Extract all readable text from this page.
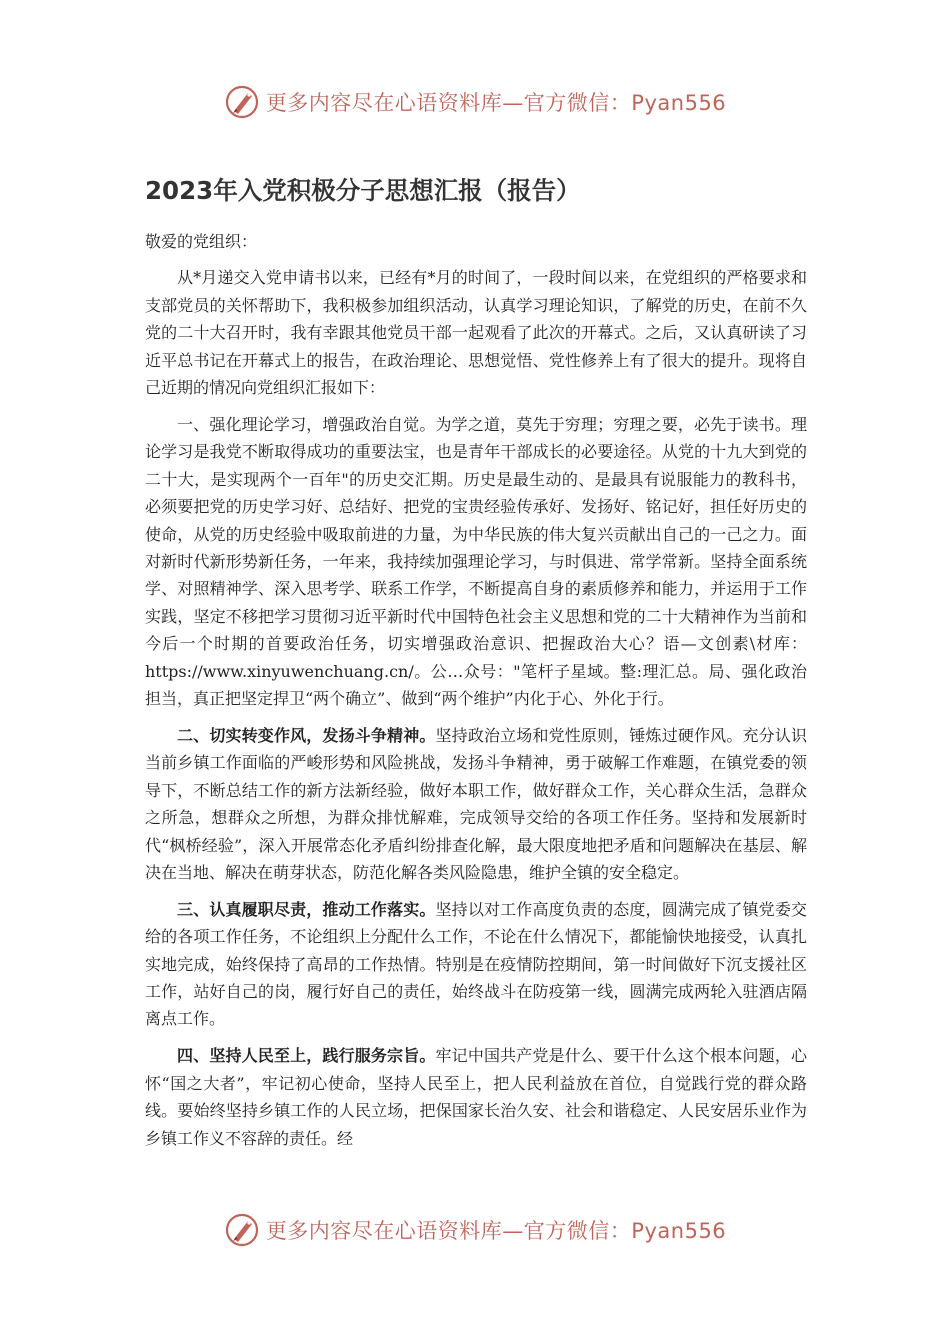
更多内容尽在心语资料库—官方微信：Pyan556
2023年入党积极分子思想汇报（报告）

敬爱的党组织：

从*月递交入党申请书以来，已经有*月的时间了，一段时间以来，在党组织的严格要求和支部党员的关怀帮助下，我积极参加组织活动，认真学习理论知识，了解党的历史，在前不久党的二十大召开时，我有幸跟其他党员干部一起观看了此次的开幕式。之后，又认真研读了习近平总书记在开幕式上的报告，在政治理论、思想觉悟、党性修养上有了很大的提升。现将自己近期的情况向党组织汇报如下：

一、强化理论学习，增强政治自觉。为学之道，莫先于穷理；穷理之要，必先于读书。理论学习是我党不断取得成功的重要法宝，也是青年干部成长的必要途径。从党的十九大到党的二十大，是实现两个一百年"的历史交汇期。历史是最生动的、是最具有说服能力的教科书，必须要把党的历史学习好、总结好、把党的宝贵经验传承好、发扬好、铭记好，担任好历史的使命，从党的历史经验中吸取前进的力量，为中华民族的伟大复兴贡献出自己的一己之力。面对新时代新形势新任务，一年来，我持续加强理论学习，与时俱进、常学常新。坚持全面系统学、对照精神学、深入思考学、联系工作学，不断提高自身的素质修养和能力，并运用于工作实践，坚定不移把学习贯彻习近平新时代中国特色社会主义思想和党的二十大精神作为当前和今后一个时期的首要政治任务，切实增强政治意识、把握政治大心？语—文创素\材库：https://www.xinyuwenchuang.cn/。公…众号："笔杆子星域。整:理汇总。局、强化政治担当，真正把坚定捍卫“两个确立”、做到“两个维护”内化于心、外化于行。

二、切实转变作风，发扬斗争精神。坚持政治立场和党性原则，锤炼过硬作风。充分认识当前乡镇工作面临的严峻形势和风险挑战，发扬斗争精神，勇于破解工作难题，在镇党委的领导下，不断总结工作的新方法新经验，做好本职工作，做好群众工作，关心群众生活，急群众之所急，想群众之所想，为群众排忧解难，完成领导交给的各项工作任务。坚持和发展新时代“枫桥经验”，深入开展常态化矛盾纠纷排查化解，最大限度地把矛盾和问题解决在基层、解决在当地、解决在萌芽状态，防范化解各类风险隐患，维护全镇的安全稳定。

三、认真履职尽责，推动工作落实。坚持以对工作高度负责的态度，圆满完成了镇党委交给的各项工作任务，不论组织上分配什么工作，不论在什么情况下，都能愉快地接受，认真扎实地完成，始终保持了高昂的工作热情。特别是在疫情防控期间，第一时间做好下沉支援社区工作，站好自己的岗，履行好自己的责任，始终战斗在防疫第一线，圆满完成两轮入驻酒店隔离点工作。

四、坚持人民至上，践行服务宗旨。牢记中国共产党是什么、要干什么这个根本问题，心怀“国之大者”，牢记初心使命，坚持人民至上，把人民利益放在首位，自觉践行党的群众路线。要始终坚持乡镇工作的人民立场，把保国家长治久安、社会和谐稳定、人民安居乐业作为乡镇工作义不容辞的责任。经

更多内容尽在心语资料库—官方微信：Pyan556
